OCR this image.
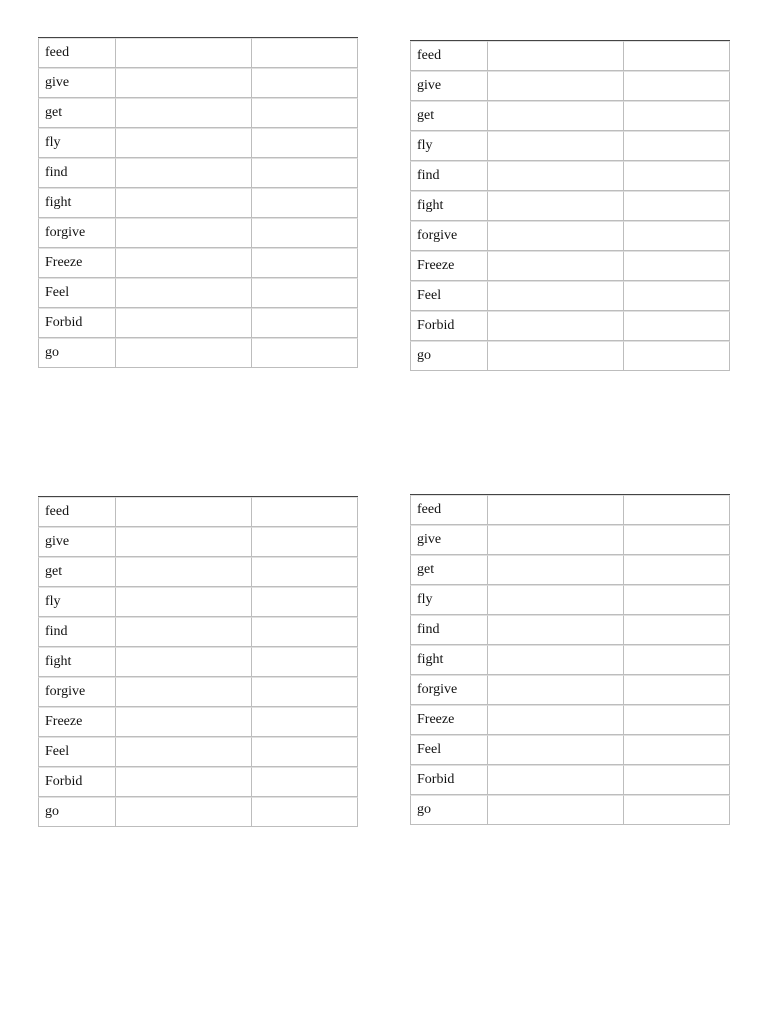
feed		
give		
get		
fly		
find		
fight		
forgive		
Freeze		
Feel		
Forbid		
go		
feed		
give		
get		
fly		
find		
fight		
forgive		
Freeze		
Feel		
Forbid		
go		
feed		
give		
get		
fly		
find		
fight		
forgive		
Freeze		
Feel		
Forbid		
go		
feed		
give		
get		
fly		
find		
fight		
forgive		
Freeze		
Feel		
Forbid		
go		
